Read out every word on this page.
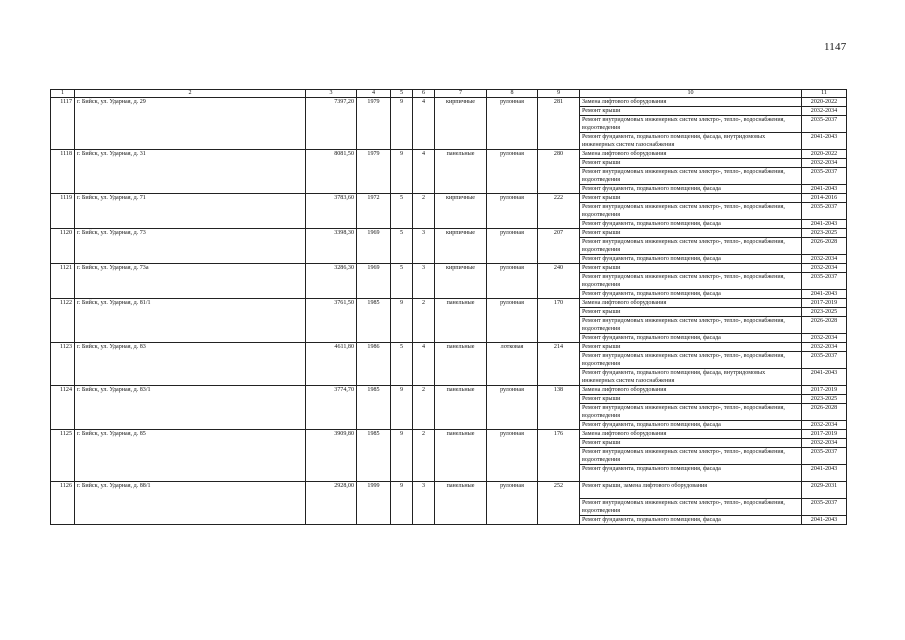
1147
1	2	3	4	5	6	7	8	9	10	11
1117	г. Бийск, ул. Ударная, д. 29	7397,20	1979	9	4	кирпичные	рулонная	281	Замена лифтового оборудования	2020-2022
									Ремонт крыши	2032-2034
									Ремонт внутридомовых инженерных систем электро-, тепло-, водоснабжения, водоотведения	2035-2037
									Ремонт фундамента, подвального помещения, фасада, внутридомовых инженерных систем газоснабжения	2041-2043
1118	г. Бийск, ул. Ударная, д. 31	8081,50	1979	9	4	панельные	рулонная	280	Замена лифтового оборудования	2020-2022
									Ремонт крыши	2032-2034
									Ремонт внутридомовых инженерных систем электро-, тепло-, водоснабжения, водоотведения	2035-2037
									Ремонт фундамента, подвального помещения, фасада	2041-2043
1119	г. Бийск, ул. Ударная, д. 71	3783,60	1972	5	2	кирпичные	рулонная	222	Ремонт крыши	2014-2016
									Ремонт внутридомовых инженерных систем электро-, тепло-, водоснабжения, водоотведения	2035-2037
									Ремонт фундамента, подвального помещения, фасада	2041-2043
1120	г. Бийск, ул. Ударная, д. 73	3398,30	1969	5	3	кирпичные	рулонная	207	Ремонт крыши	2023-2025
									Ремонт внутридомовых инженерных систем электро-, тепло-, водоснабжения, водоотведения	2026-2028
									Ремонт фундамента, подвального помещения, фасада	2032-2034
1121	г. Бийск, ул. Ударная, д. 73а	3286,30	1969	5	3	кирпичные	рулонная	240	Ремонт крыши	2032-2034
									Ремонт внутридомовых инженерных систем электро-, тепло-, водоснабжения, водоотведения	2035-2037
									Ремонт фундамента, подвального помещения, фасада	2041-2043
1122	г. Бийск, ул. Ударная, д. 81/1	3761,50	1985	9	2	панельные	рулонная	170	Замена лифтового оборудования	2017-2019
									Ремонт крыши	2023-2025
									Ремонт внутридомовых инженерных систем электро-, тепло-, водоснабжения, водоотведения	2026-2028
									Ремонт фундамента, подвального помещения, фасада	2032-2034
1123	г. Бийск, ул. Ударная, д. 83	4611,80	1986	5	4	панельные	лотковая	214	Ремонт крыши	2032-2034
									Ремонт внутридомовых инженерных систем электро-, тепло-, водоснабжения, водоотведения	2035-2037
									Ремонт фундамента, подвального помещения, фасада, внутридомовых инженерных систем газоснабжения	2041-2043
1124	г. Бийск, ул. Ударная, д. 83/1	3774,70	1985	9	2	панельные	рулонная	138	Замена лифтового оборудования	2017-2019
									Ремонт крыши	2023-2025
									Ремонт внутридомовых инженерных систем электро-, тепло-, водоснабжения, водоотведения	2026-2028
									Ремонт фундамента, подвального помещения, фасада	2032-2034
1125	г. Бийск, ул. Ударная, д. 85	3909,80	1985	9	2	панельные	рулонная	176	Замена лифтового оборудования	2017-2019
									Ремонт крыши	2032-2034
									Ремонт внутридомовых инженерных систем электро-, тепло-, водоснабжения, водоотведения	2035-2037
									Ремонт фундамента, подвального помещения, фасада	2041-2043
1126	г. Бийск, ул. Ударная, д. 88/1	2928,00	1999	9	3	панельные	рулонная	252	Ремонт крыши, замена лифтового оборудования	2029-2031
									Ремонт внутридомовых инженерных систем электро-, тепло-, водоснабжения, водоотведения	2035-2037
									Ремонт фундамента, подвального помещения, фасада	2041-2043
